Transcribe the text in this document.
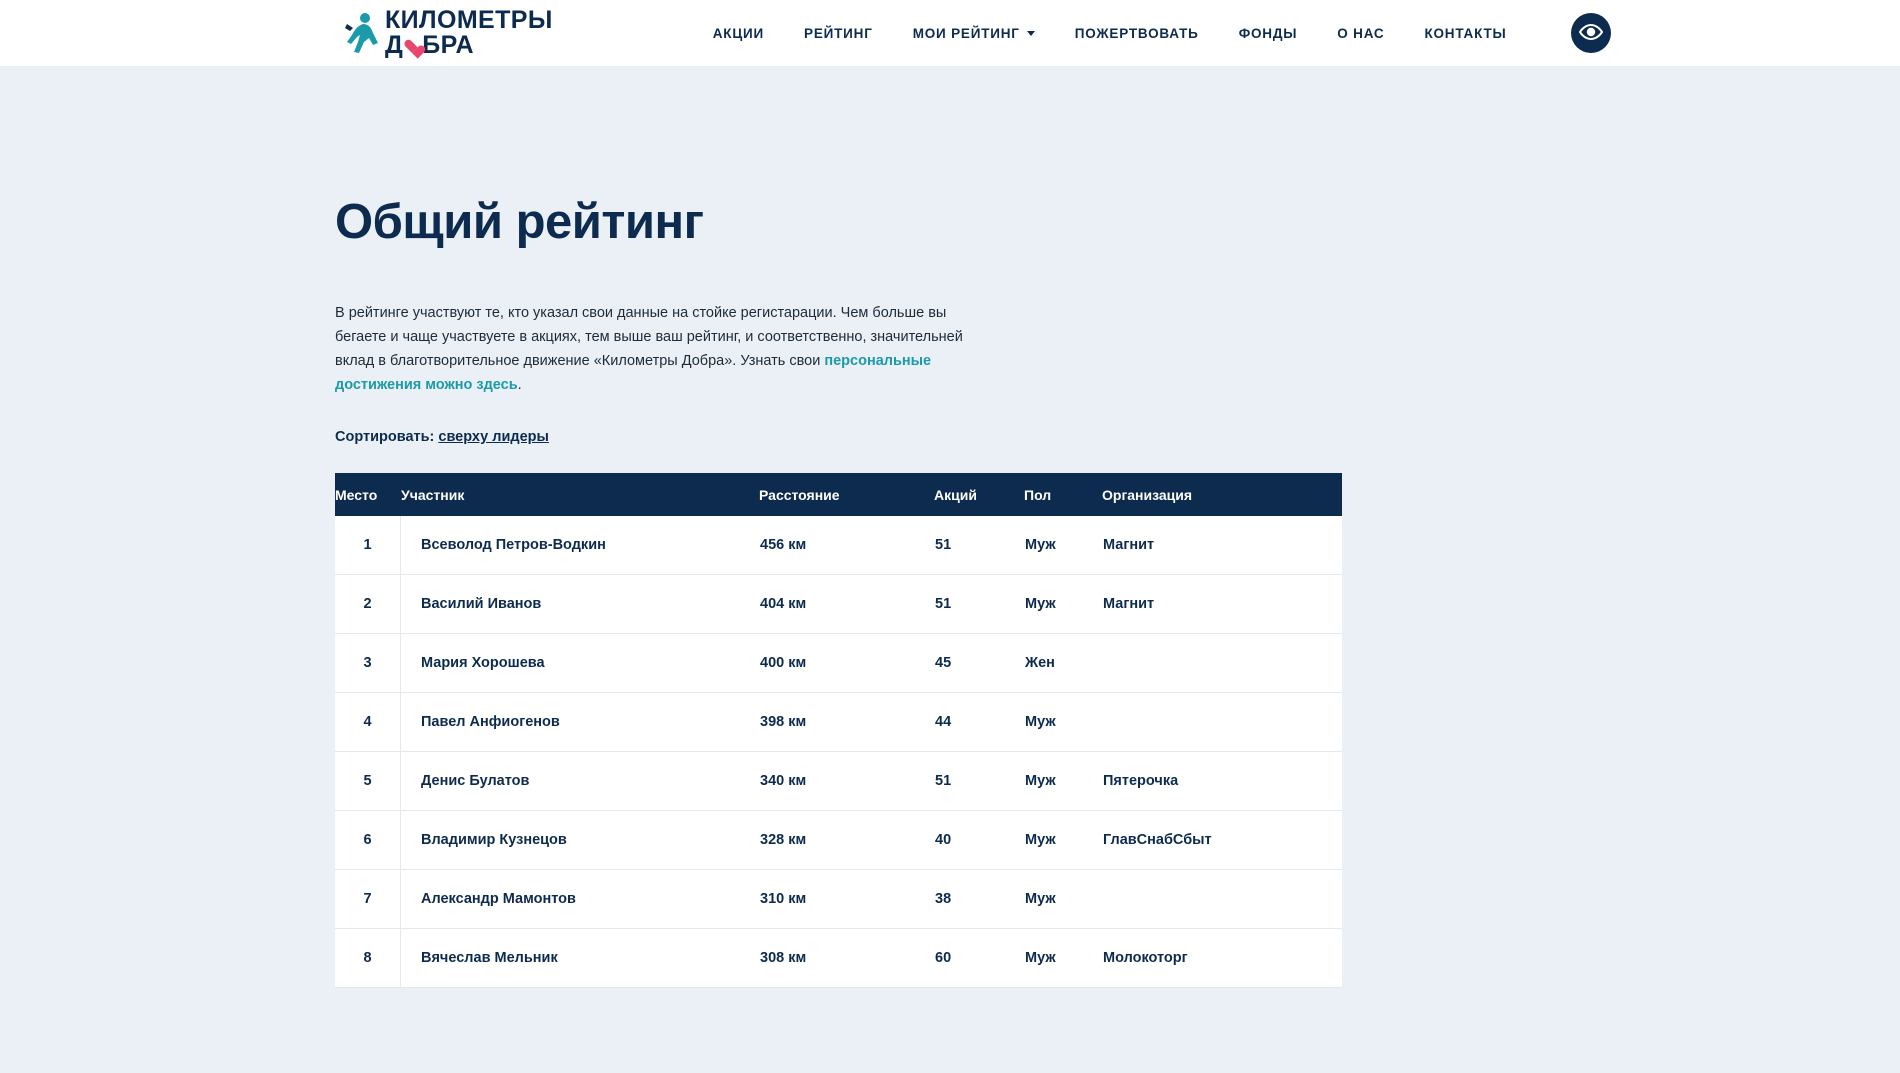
КИЛОМЕТРЫ
Д БРА	АКЦИИ	РЕЙТИНГ	МОИ РЕЙТИНГ	ПОЖЕРТВОВАТЬ	ФОНДЫ	О НАС	КОНТАКТЫ
Общий рейтинг

В рейтинге участвуют те, кто указал свои данные на стойке регистарации. Чем больше вы бегаете и чаще участвуете в акциях, тем выше ваш рейтинг, и соответственно, значительней вклад в благотворительное движение «Километры Добра». Узнать свои персональные достижения можно здесь.

Сортировать: сверху лидеры
Место	Участник	Расстояние	Акций	Пол	Организация
1	Всеволод Петров-Водкин	456 км	51	Муж	Магнит
2	Василий Иванов	404 км	51	Муж	Магнит
3	Мария Хорошева	400 км	45	Жен	
4	Павел Анфиогенов	398 км	44	Муж	
5	Денис Булатов	340 км	51	Муж	Пятерочка
6	Владимир Кузнецов	328 км	40	Муж	ГлавСнабСбыт
7	Александр Мамонтов	310 км	38	Муж	
8	Вячеслав Мельник	308 км	60	Муж	Молокоторг
